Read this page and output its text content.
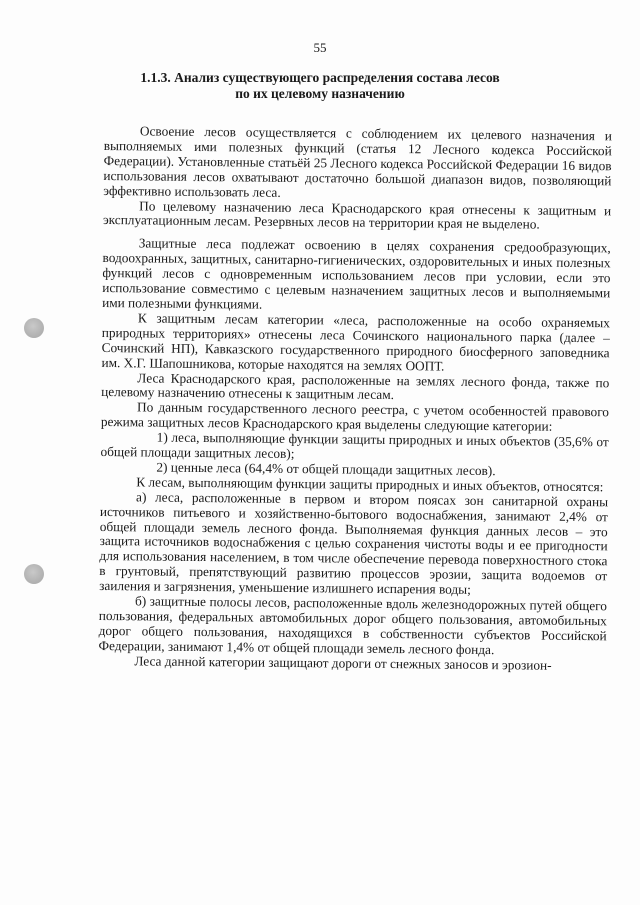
55
1.1.3. Анализ существующего распределения состава лесов
по их целевому назначению

Освоение лесов осуществляется с соблюдением их целевого назначения и выполняемых ими полезных функций (статья 12 Лесного кодекса Российской Федерации). Установленные статьёй 25 Лесного кодекса Российской Федерации 16 видов использования лесов охватывают достаточно большой диапазон видов, позволяющий эффективно использовать леса.

По целевому назначению леса Краснодарского края отнесены к защитным и эксплуатационным лесам. Резервных лесов на территории края не выделено.

Защитные леса подлежат освоению в целях сохранения средообразующих, водоохранных, защитных, санитарно-гигиенических, оздоровительных и иных полезных функций лесов с одновременным использованием лесов при условии, если это использование совместимо с целевым назначением защитных лесов и выполняемыми ими полезными функциями.

К защитным лесам категории «леса, расположенные на особо охраняемых природных территориях» отнесены леса Сочинского национального парка (далее – Сочинский НП), Кавказского государственного природного биосферного заповедника им. Х.Г. Шапошникова, которые находятся на землях ООПТ.

Леса Краснодарского края, расположенные на землях лесного фонда, также по целевому назначению отнесены к защитным лесам.

По данным государственного лесного реестра, с учетом особенностей правового режима защитных лесов Краснодарского края выделены следующие категории:

1) леса, выполняющие функции защиты природных и иных объектов (35,6% от общей площади защитных лесов);

2) ценные леса (64,4% от общей площади защитных лесов).

К лесам, выполняющим функции защиты природных и иных объектов, относятся:

а) леса, расположенные в первом и втором поясах зон санитарной охраны источников питьевого и хозяйственно-бытового водоснабжения, занимают 2,4% от общей площади земель лесного фонда. Выполняемая функция данных лесов – это защита источников водоснабжения с целью сохранения чистоты воды и ее пригодности для использования населением, в том числе обеспечение перевода поверхностного стока в грунтовый, препятствующий развитию процессов эрозии, защита водоемов от заиления и загрязнения, уменьшение излишнего испарения воды;

б) защитные полосы лесов, расположенные вдоль железнодорожных путей общего пользования, федеральных автомобильных дорог общего пользования, автомобильных дорог общего пользования, находящихся в собственности субъектов Российской Федерации, занимают 1,4% от общей площади земель лесного фонда.

Леса данной категории защищают дороги от снежных заносов и эрозион-
